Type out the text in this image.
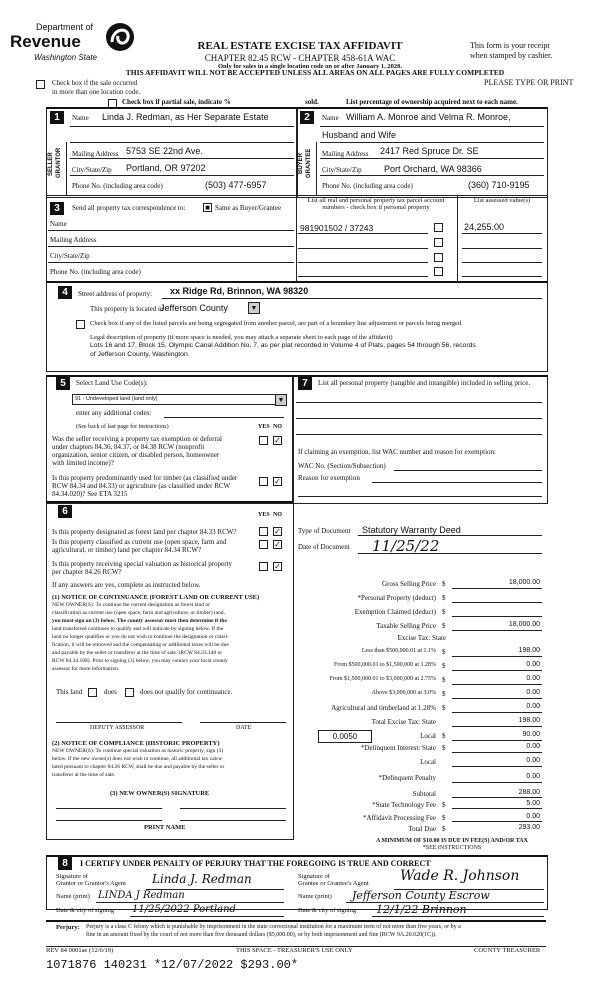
Department of
Revenue
Washington State
REAL ESTATE EXCISE TAX AFFIDAVIT
CHAPTER 82.45 RCW - CHAPTER 458-61A WAC
Only for sales in a single location code on or after January 1, 2020.
This form is your receipt
when stamped by cashier.
THIS AFFIDAVIT WILL NOT BE ACCEPTED UNLESS ALL AREAS ON ALL PAGES ARE FULLY COMPLETED
PLEASE TYPE OR PRINT
Check box if the sale occurred
in more than one location code.
Check box if partial sale, indicate %	sold.	List percentage of ownership acquired next to each name.
1	2
Name Linda J. Redman, as Her Separate Estate
SELLER GRANTOR Mailing Address 5753 SE 22nd Ave.
City/State/Zip Portland, OR 97202
Phone No. (including area code)	(503) 477-6957
Name William A. Monroe and Velma R. Monroe,
Husband and Wife
BUYER GRANTEE Mailing Address 2417 Red Spruce Dr. SE
City/State/Zip Port Orchard, WA 98366
Phone No. (including area code)	(360) 710-9195
3	Send all property tax correspondence to: ■ Same as Buyer/Grantee
List all real and personal property tax parcel account numbers - check box if personal property
List assessed value(s)
Name
Mailing Address
City/State/Zip
Phone No. (including area code)
981901502 / 37243	24,255.00
4	Street address of property: xx Ridge Rd, Brinnon, WA 98320
This property is located in
Jefferson County	▼
Check box if any of the listed parcels are being segregated from another parcel, are part of a boundary line adjustment or parcels being merged.
Legal description of property (if more space is needed, you may attach a separate sheet to each page of the affidavit)
Lots 16 and 17, Block 15, Olympic Canal Addition No. 7, as per plat recorded in Volume 4 of Plats, pages 54 through 56, records
of Jefferson County, Washington.
5	Select Land Use Code(s):
91 - Undeveloped land (land only)	▼
enter any additional codes:
(See back of last page for instructions)	YES NO
Was the seller receiving a property tax exemption or deferral
under chapters 84.36, 84.37, or 84.38 RCW (nonprofit
organization, senior citizen, or disabled person, homeowner
with limited income)?
✓
Is this property predominantly used for timber (as classified under
RCW 84.34 and 84.33) or agriculture (as classified under RCW
84.34.020)? See ETA 3215
✓
7	List all personal property (tangible and intangible) included in selling price.
If claiming an exemption, list WAC number and reason for exemption:
WAC No. (Section/Subsection)
Reason for exemption
6	YES NO
Is this property designated as forest land per chapter 84.33 RCW?	✓
Is this property classified as current use (open space, farm and
agricultural, or timber) land per chapter 84.34 RCW?
✓
Is this property receiving special valuation as historical property
per chapter 84.26 RCW?
✓
If any answers are yes, complete as instructed below.
(1) NOTICE OF CONTINUANCE (FOREST LAND OR CURRENT USE)
NEW OWNER(S): To continue the current designation as forest land or
classification as current use (open space, farm and agriculture, or timber) land,
you must sign on (3) below. The county assessor must then determine if the
land transferred continues to qualify and will indicate by signing below. If the
land no longer qualifies or you do not wish to continue the designation or classi-
fication, it will be removed and the compensating or additional taxes will be due
and payable by the seller or transferor at the time of sale. (RCW 84.33.140 or
RCW 84.34.108). Prior to signing (3) below, you may contact your local county
assessor for more information.
This land	does	does not qualify for continuance.
DEPUTY ASSESSOR	DATE
(2) NOTICE OF COMPLIANCE (HISTORIC PROPERTY)
NEW OWNER(S): To continue special valuation as historic property, sign (3)
below. If the new owner(s) does not wish to continue, all additional tax calcu-
lated pursuant to chapter 84.26 RCW, shall be due and payable by the seller or
transferor at the time of sale.
(3) NEW OWNER(S) SIGNATURE
PRINT NAME
Type of Document Statutory Warranty Deed
Date of Document 11/25/22
Gross Selling Price $	18,000.00
*Personal Property (deduct) $
Exemption Claimed (deduct) $
Taxable Selling Price $	18,000.00
Excise Tax: State
Less than $500,000.01 at 1.1% $	198.00
From $500,000.01 to $1,500,000 at 1.28% $	0.00
From $1,500,000.01 to $3,000,000 at 2.75% $	0.00
Above $3,000,000 at 3.0% $	0.00
Agricultural and timberland at 1.28% $	0.00
Total Excise Tax: State	198.00
0.0050	Local $	90.00
*Delinquent Interest: State $	0.00
Local	0.00
*Delinquent Penalty	0.00
Subtotal	288.00
*State Technology Fee $	5.00
*Affidavit Processing Fee $	0.00
Total Due $	293.00
A MINIMUM OF $10.00 IS DUE IN FEE(S) AND/OR TAX
*SEE INSTRUCTIONS
8	I CERTIFY UNDER PENALTY OF PERJURY THAT THE FOREGOING IS TRUE AND CORRECT
Signature of
Grantor or Grantor's Agent Linda J. Redman
Name (print) LINDA J Redman
Date & city of signing 11/25/2022 Portland
Signature of
Grantee or Grantee's Agent Wade R. Johnson
Name (print) Jefferson County Escrow
Date & city of signing 12/1/22 Brinnon
Perjury: Perjury is a class C felony which is punishable by imprisonment in the state correctional institution for a maximum term of not more than five years, or by a
fine in an amount fixed by the court of not more than five thousand dollars ($5,000.00), or by both imprisonment and fine (RCW 9A.20.020(1C)).
REV 84 0001ae (12/6/19)	THIS SPACE - TREASURER'S USE ONLY	COUNTY TREASURER
1071876 140231 *12/07/2022 $293.00*
